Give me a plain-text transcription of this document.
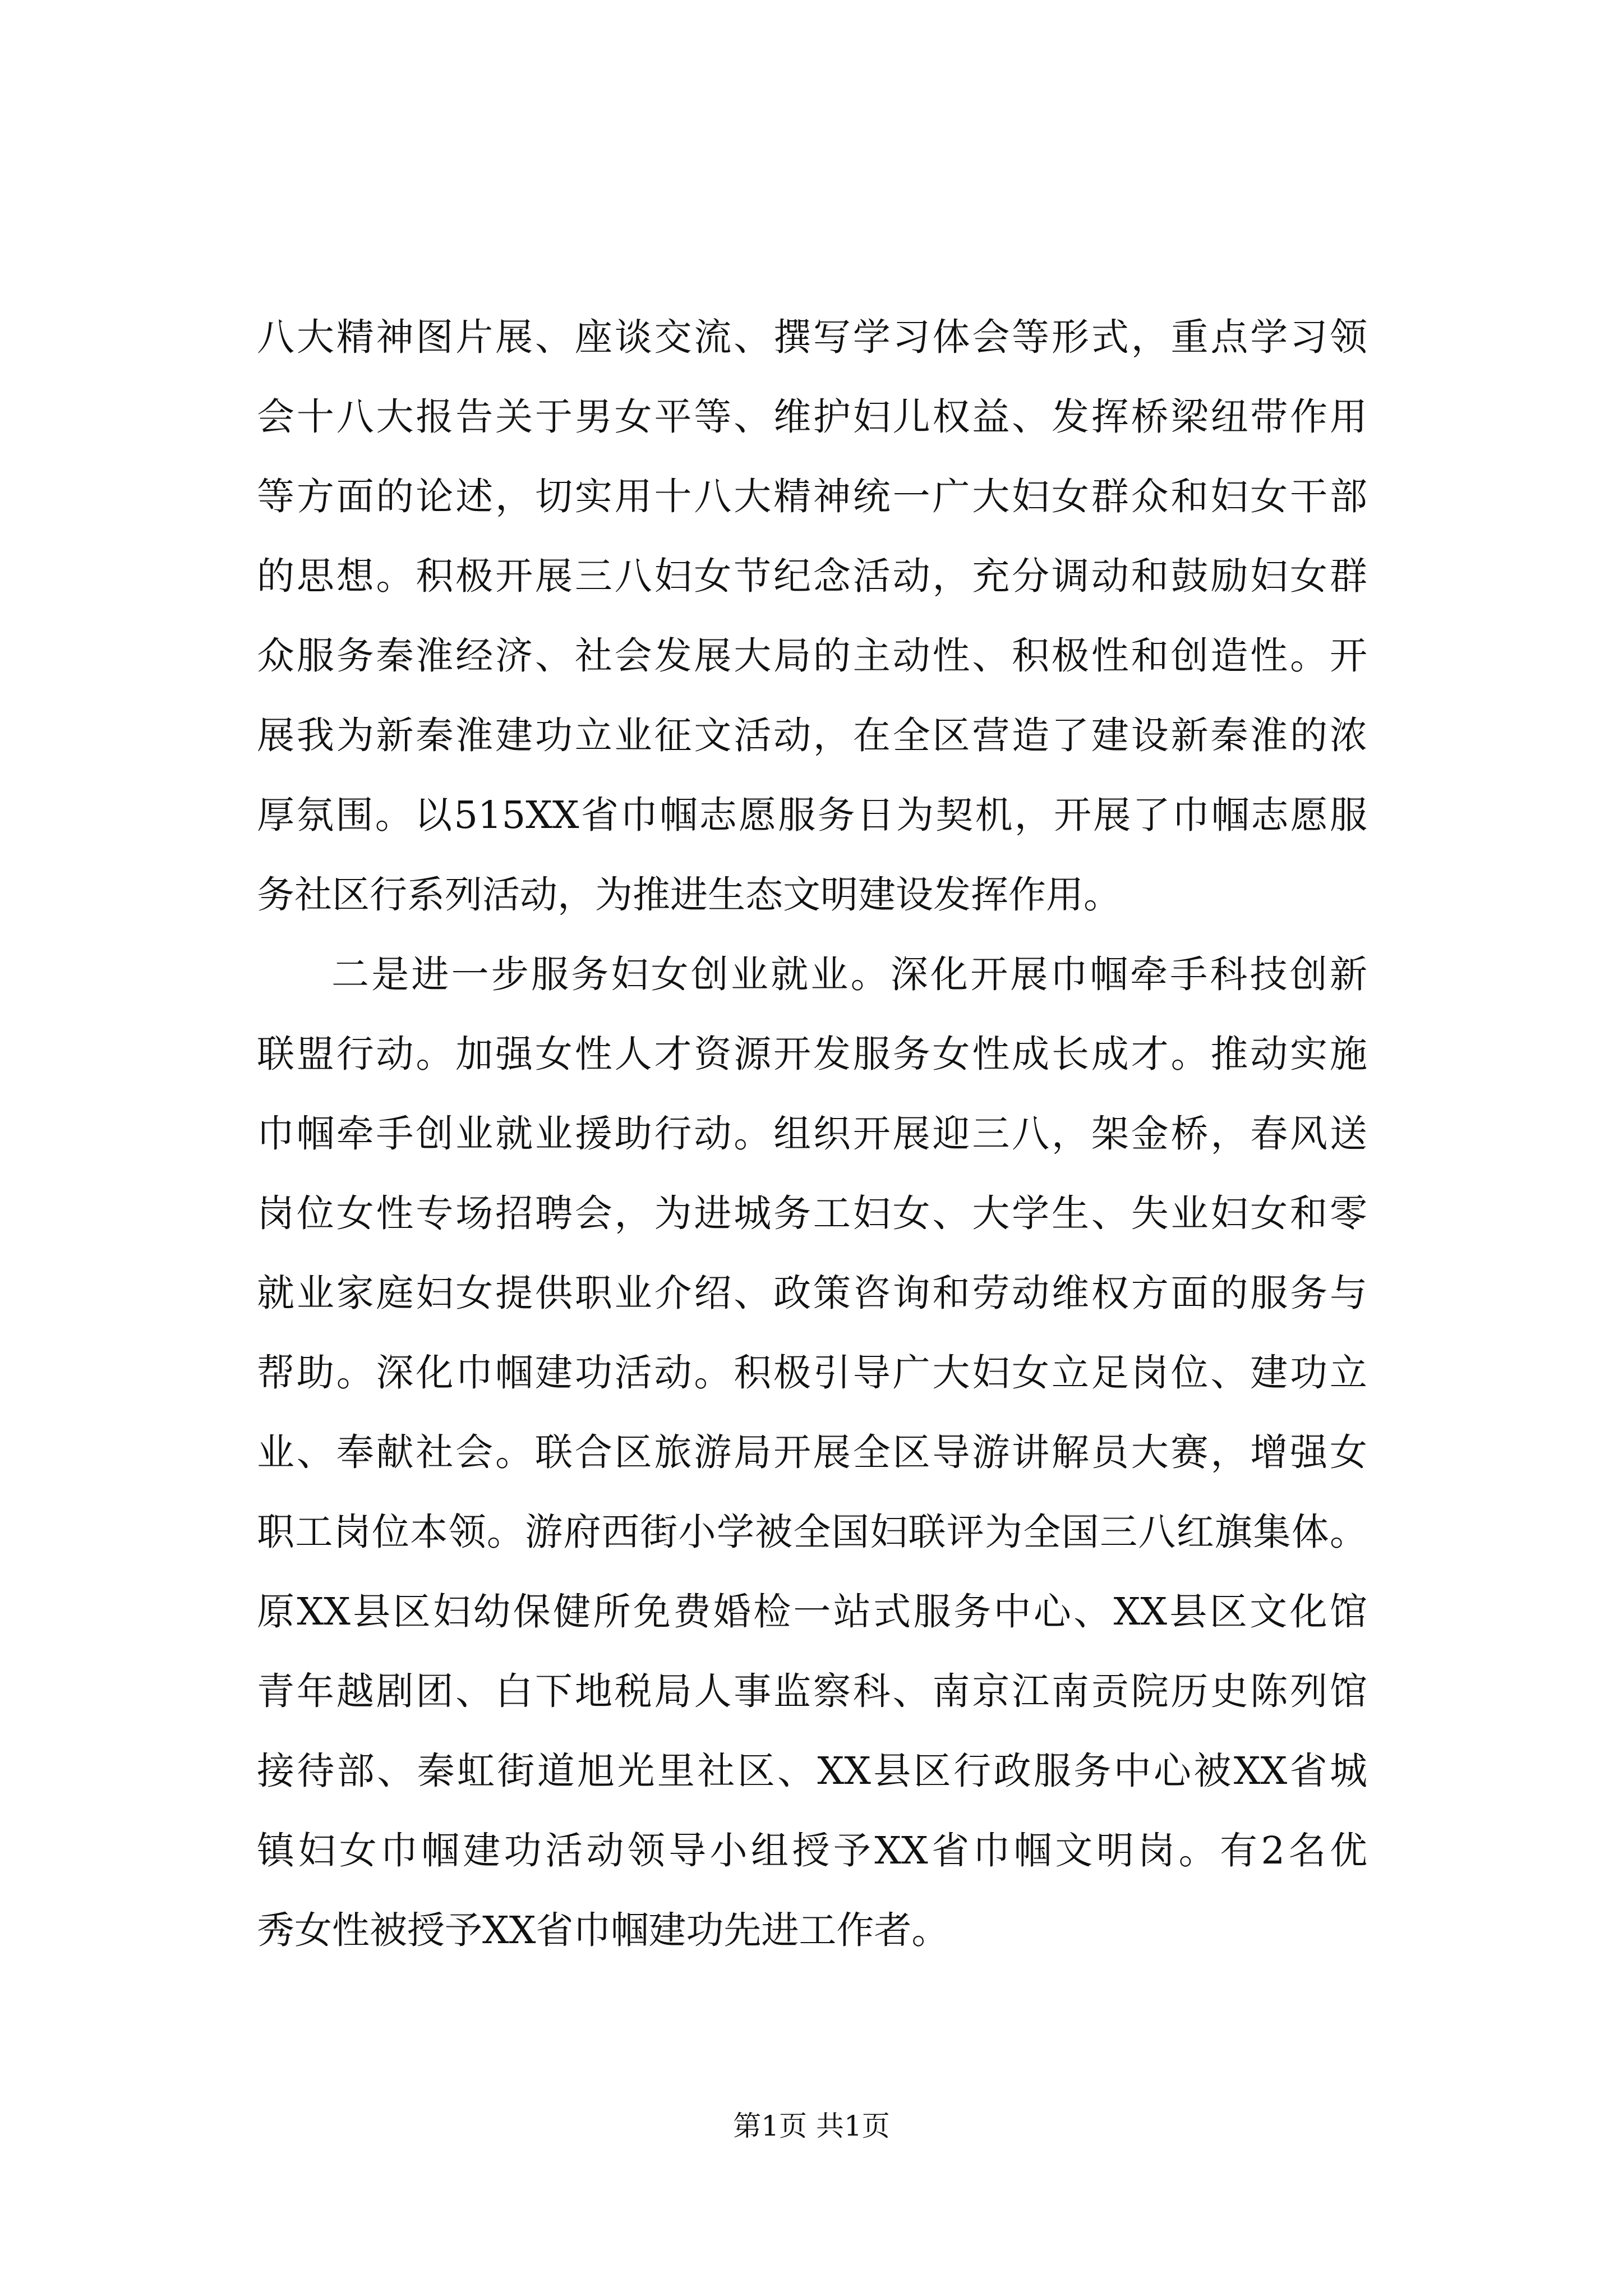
八大精神图片展、座谈交流、撰写学习体会等形式，重点学习领
会十八大报告关于男女平等、维护妇儿权益、发挥桥梁纽带作用
等方面的论述，切实用十八大精神统一广大妇女群众和妇女干部
的思想。积极开展三八妇女节纪念活动，充分调动和鼓励妇女群
众服务秦淮经济、社会发展大局的主动性、积极性和创造性。开
展我为新秦淮建功立业征文活动，在全区营造了建设新秦淮的浓
厚氛围。以515XX省巾帼志愿服务日为契机，开展了巾帼志愿服
务社区行系列活动，为推进生态文明建设发挥作用。
二是进一步服务妇女创业就业。深化开展巾帼牵手科技创新
联盟行动。加强女性人才资源开发服务女性成长成才。推动实施
巾帼牵手创业就业援助行动。组织开展迎三八，架金桥，春风送
岗位女性专场招聘会，为进城务工妇女、大学生、失业妇女和零
就业家庭妇女提供职业介绍、政策咨询和劳动维权方面的服务与
帮助。深化巾帼建功活动。积极引导广大妇女立足岗位、建功立
业、奉献社会。联合区旅游局开展全区导游讲解员大赛，增强女
职工岗位本领。游府西街小学被全国妇联评为全国三八红旗集体。
原XX县区妇幼保健所免费婚检一站式服务中心、XX县区文化馆
青年越剧团、白下地税局人事监察科、南京江南贡院历史陈列馆
接待部、秦虹街道旭光里社区、XX县区行政服务中心被XX省城
镇妇女巾帼建功活动领导小组授予XX省巾帼文明岗。有2名优
秀女性被授予XX省巾帼建功先进工作者。
第1页 共1页
